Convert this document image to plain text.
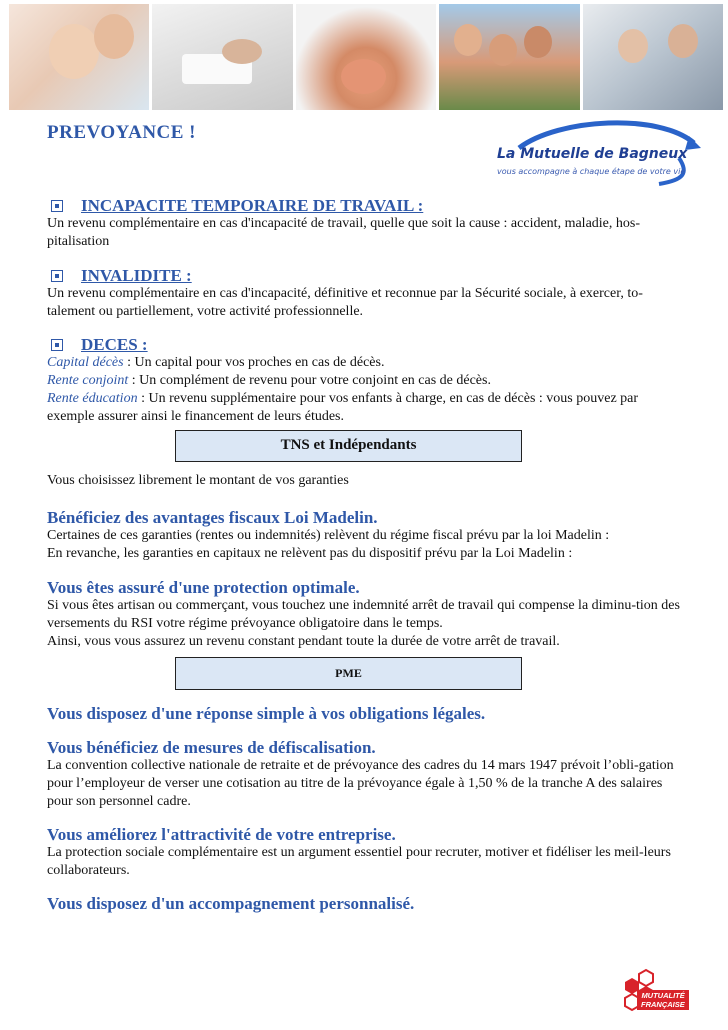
PREVOYANCE !
La Mutuelle de Bagneux
vous accompagne à chaque étape de votre vie
INCAPACITE TEMPORAIRE DE TRAVAIL :
Un revenu complémentaire en cas d'incapacité de travail, quelle que soit la cause : accident, maladie, hos-pitalisation
INVALIDITE :
Un revenu complémentaire en cas d'incapacité, définitive et reconnue par la Sécurité sociale, à exercer, to-talement ou partiellement, votre activité professionnelle.
DECES :
Capital décès : Un capital pour vos proches en cas de décès.
Rente conjoint : Un complément de revenu pour votre conjoint en cas de décès.
Rente éducation : Un revenu supplémentaire pour vos enfants à charge, en cas de décès : vous pouvez par exemple assurer ainsi le financement de leurs études.
TNS et Indépendants
Vous choisissez librement le montant de vos garanties
Bénéficiez des avantages fiscaux Loi Madelin.
Certaines de ces garanties (rentes ou indemnités) relèvent du régime fiscal prévu par la loi Madelin :
En revanche, les garanties en capitaux ne relèvent pas du dispositif prévu par la Loi Madelin :
Vous êtes assuré d'une protection optimale.
Si vous êtes artisan ou commerçant, vous touchez une indemnité arrêt de travail qui compense la diminu-tion des versements du RSI votre régime prévoyance obligatoire dans le temps.
Ainsi, vous vous assurez un revenu constant pendant toute la durée de votre arrêt de travail.
PME
Vous disposez d'une réponse simple à vos obligations légales.
Vous bénéficiez de mesures de défiscalisation.
La convention collective nationale de retraite et de prévoyance des cadres du 14 mars 1947 prévoit l’obli-gation pour l’employeur de verser une cotisation au titre de la prévoyance égale à 1,50 % de la tranche A des salaires pour son personnel cadre.
Vous améliorez l'attractivité de votre entreprise.
La protection sociale complémentaire est un argument essentiel pour recruter, motiver et fidéliser les meil-leurs collaborateurs.
Vous disposez d'un accompagnement personnalisé.
MUTUALITÉ
FRANÇAISE
